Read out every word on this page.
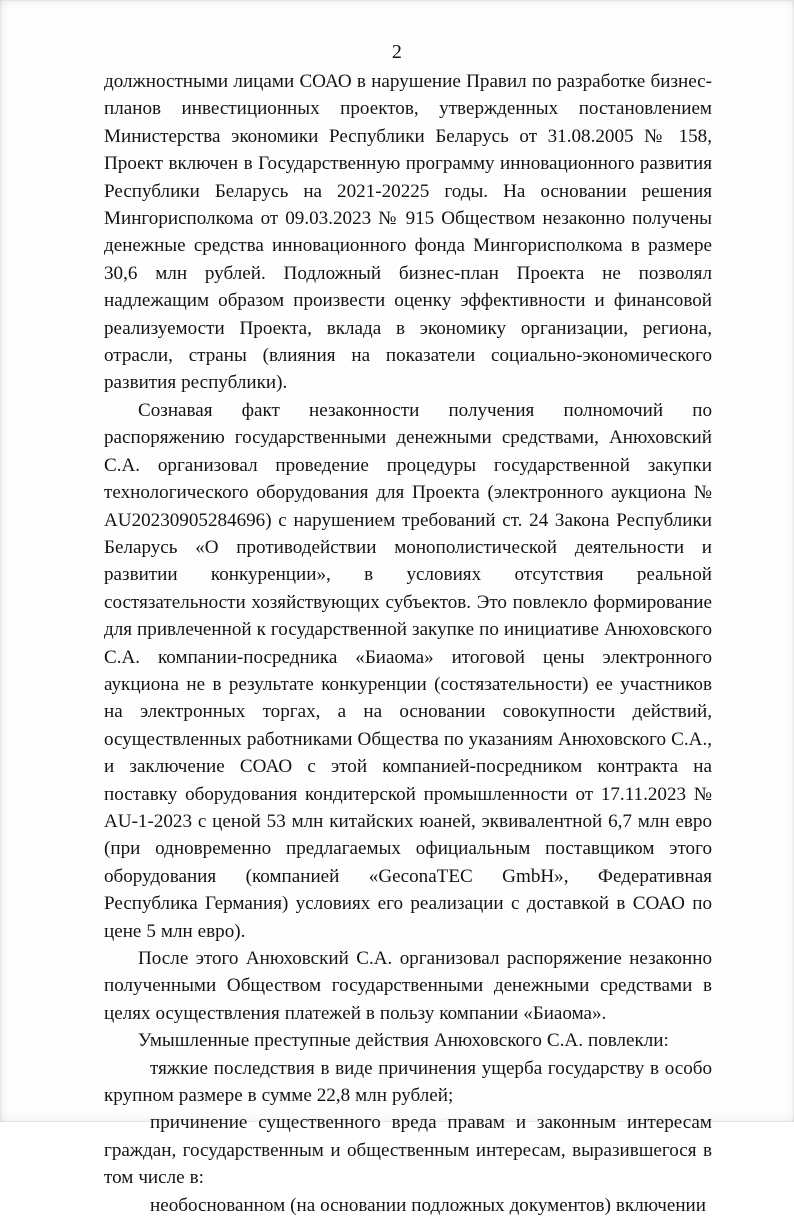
2

должностными лицами СОАО в нарушение Правил по разработке бизнес-планов инвестиционных проектов, утвержденных постановлением Министерства экономики Республики Беларусь от 31.08.2005 № 158, Проект включен в Государственную программу инновационного развития Республики Беларусь на 2021-20225 годы. На основании решения Мингорисполкома от 09.03.2023 № 915 Обществом незаконно получены денежные средства инновационного фонда Мингорисполкома в размере 30,6 млн рублей. Подложный бизнес-план Проекта не позволял надлежащим образом произвести оценку эффективности и финансовой реализуемости Проекта, вклада в экономику организации, региона, отрасли, страны (влияния на показатели социально-экономического развития республики).

Сознавая факт незаконности получения полномочий по распоряжению государственными денежными средствами, Анюховский С.А. организовал проведение процедуры государственной закупки технологического оборудования для Проекта (электронного аукциона № AU20230905284696) с нарушением требований ст. 24 Закона Республики Беларусь «О противодействии монополистической деятельности и развитии конкуренции», в условиях отсутствия реальной состязательности хозяйствующих субъектов. Это повлекло формирование для привлеченной к государственной закупке по инициативе Анюховского С.А. компании-посредника «Биаома» итоговой цены электронного аукциона не в результате конкуренции (состязательности) ее участников на электронных торгах, а на основании совокупности действий, осуществленных работниками Общества по указаниям Анюховского С.А., и заключение СОАО с этой компанией-посредником контракта на поставку оборудования кондитерской промышленности от 17.11.2023 № AU-1-2023 с ценой 53 млн китайских юаней, эквивалентной 6,7 млн евро (при одновременно предлагаемых официальным поставщиком этого оборудования (компанией «GeconaTEC GmbH», Федеративная Республика Германия) условиях его реализации с доставкой в СОАО по цене 5 млн евро).

После этого Анюховский С.А. организовал распоряжение незаконно полученными Обществом государственными денежными средствами в целях осуществления платежей в пользу компании «Биаома».

Умышленные преступные действия Анюховского С.А. повлекли:

тяжкие последствия в виде причинения ущерба государству в особо крупном размере в сумме 22,8 млн рублей;

причинение существенного вреда правам и законным интересам граждан, государственным и общественным интересам, выразившегося в том числе в:

необоснованном (на основании подложных документов) включении
